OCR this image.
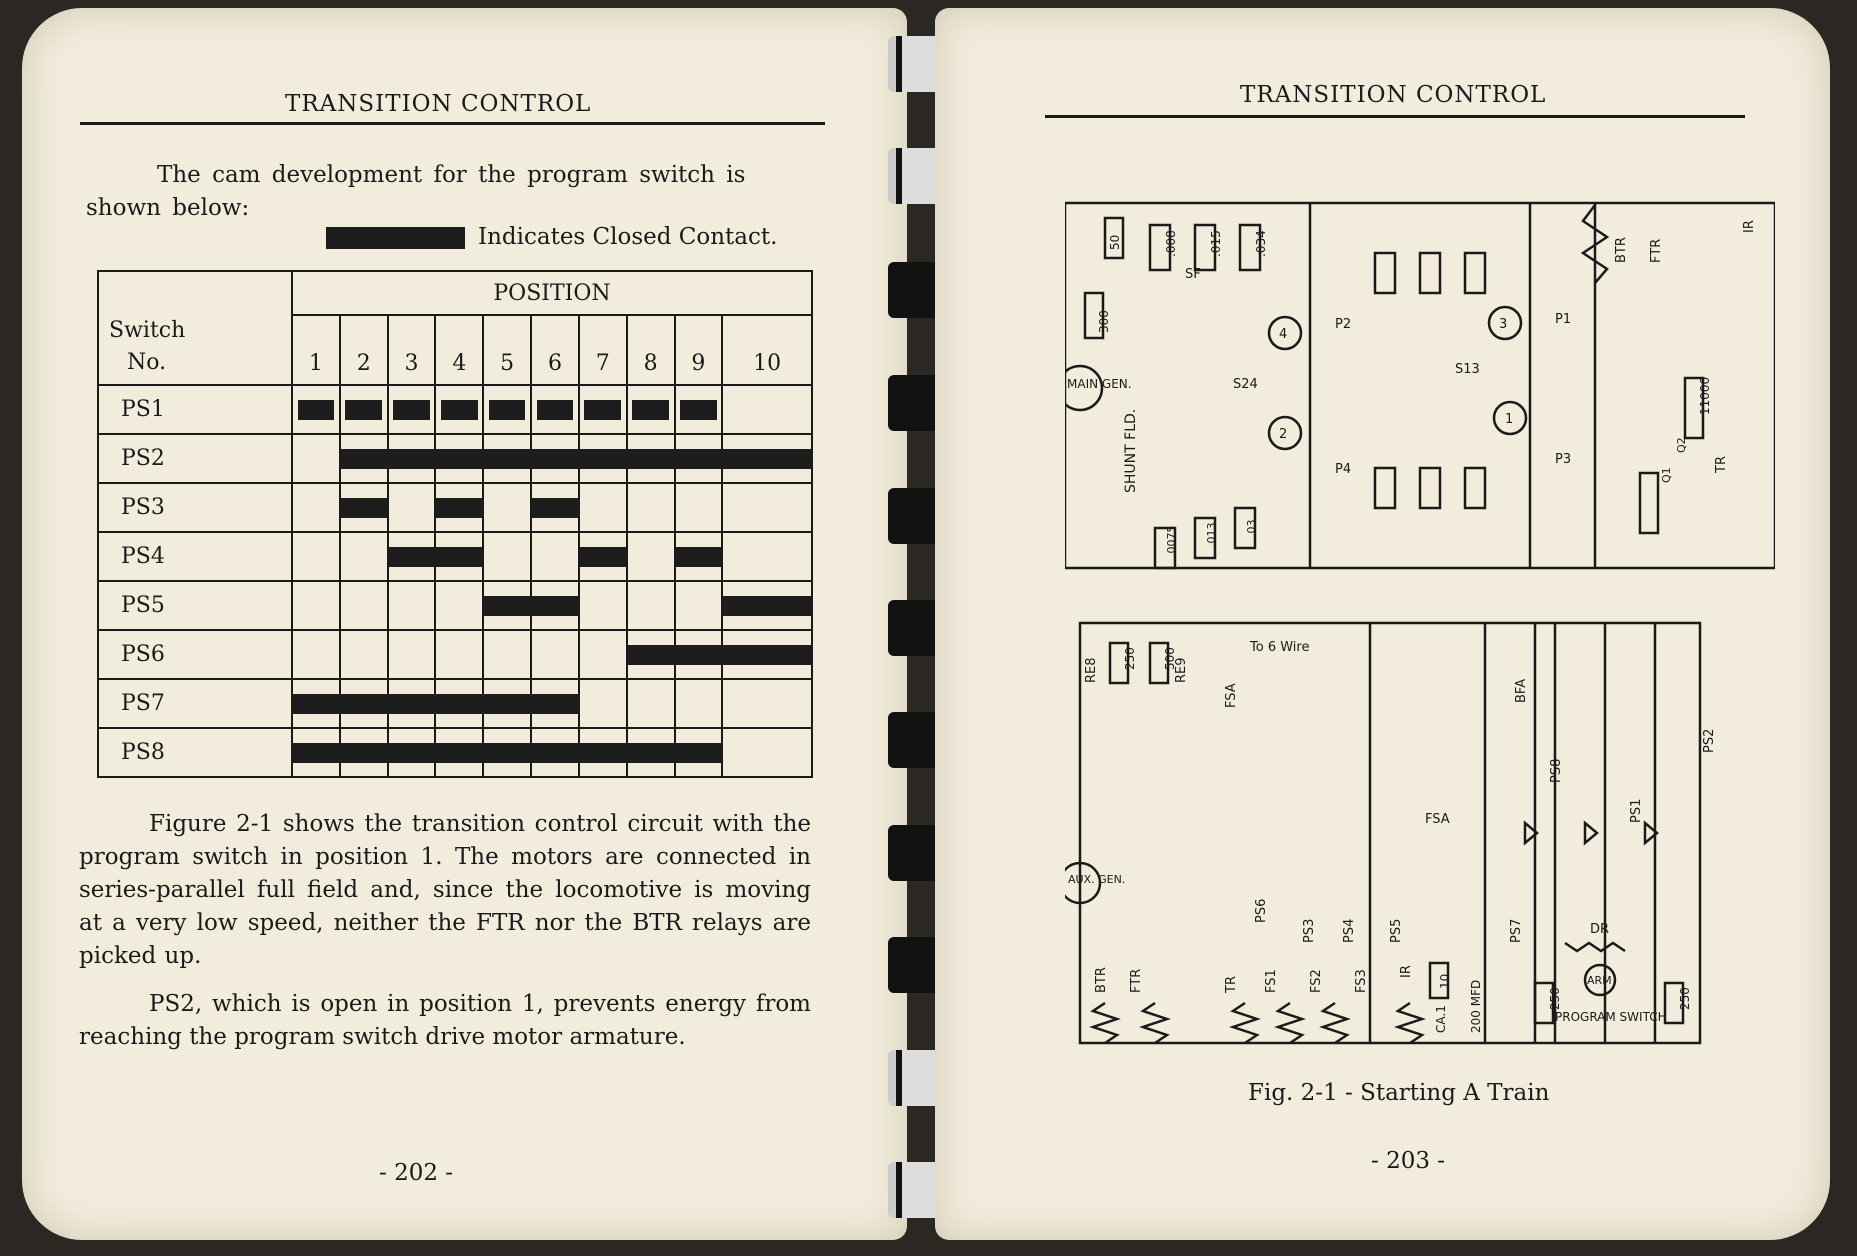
TRANSITION CONTROL
The cam development for the program switch is
shown below:
Indicates Closed Contact.
	POSITION									

Switch
No.	1	2	3	4	5	6	7	8	9	10
PS1	

PS2		

PS3		

PS4			

PS5					

PS6								

PS7	

PS8	

Figure 2-1 shows the transition control circuit with the program switch in position 1. The motors are connected in series-parallel full field and, since the locomotive is moving at a very low speed, neither the FTR nor the BTR relays are picked up.
PS2, which is open in position 1, prevents energy from reaching the program switch drive motor armature.
- 202 -
TRANSITION CONTROL
MAIN GEN.
SHUNT FLD.
SF
300
50	.008	.015	.034
4
2
3
1
S24
S13
P2
P4
P1
P3
.0075 .013 .03
BTR FTR
IR
11000
TR
Q1
Q2
AUX. GEN.
RE8	RE9
250 500	To 6 Wire
FSA
FSA
BFA
PS2
PS6
PS3 PS4 PS5	PS7
PS8
PS1
CA.1
10 200 MFD
DR
ARM
PROGRAM SWITCH
250	250
BTR FTR	TR FS1 FS2 FS3 IR
Fig. 2-1 - Starting A Train
- 203 -
